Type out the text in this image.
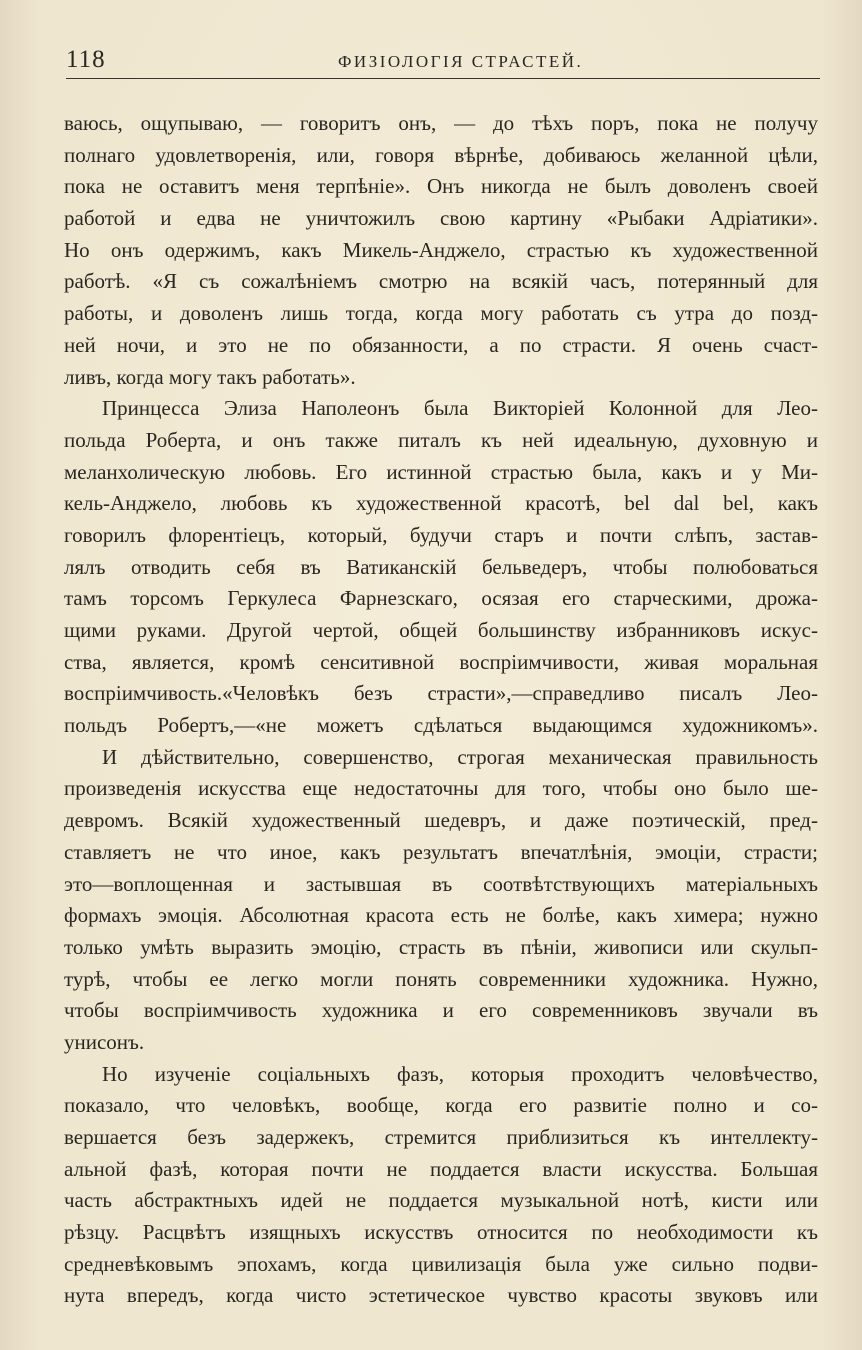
118	ФИЗІОЛОГІЯ СТРАСТЕЙ.
ваюсь, ощупываю, — говоритъ онъ, — до тѣхъ поръ, пока не получу
полнаго удовлетворенія, или, говоря вѣрнѣе, добиваюсь желанной цѣли,
пока не оставитъ меня терпѣніе». Онъ никогда не былъ доволенъ своей
работой и едва не уничтожилъ свою картину «Рыбаки Адріатики».
Но онъ одержимъ, какъ Микель-Анджело, страстью къ художественной
работѣ. «Я съ сожалѣніемъ смотрю на всякій часъ, потерянный для
работы, и доволенъ лишь тогда, когда могу работать съ утра до позд-
ней ночи, и это не по обязанности, а по страсти. Я очень счаст-
ливъ, когда могу такъ работать».
Принцесса Элиза Наполеонъ была Викторіей Колонной для Лео-
польда Роберта, и онъ также питалъ къ ней идеальную, духовную и
меланхолическую любовь. Его истинной страстью была, какъ и у Ми-
кель-Анджело, любовь къ художественной красотѣ, bel dal bel, какъ
говорилъ флорентіецъ, который, будучи старъ и почти слѣпъ, застав-
лялъ отводить себя въ Ватиканскій бельведеръ, чтобы полюбоваться
тамъ торсомъ Геркулеса Фарнезскаго, осязая его старческими, дрожа-
щими руками. Другой чертой, общей большинству избранниковъ искус-
ства, является, кромѣ сенситивной воспріимчивости, живая моральная
воспріимчивость.«Человѣкъ безъ страсти»,—справедливо писалъ Лео-
польдъ Робертъ,—«не можетъ сдѣлаться выдающимся художникомъ».
И дѣйствительно, совершенство, строгая механическая правильность
произведенія искусства еще недостаточны для того, чтобы оно было ше-
девромъ. Всякій художественный шедевръ, и даже поэтическій, пред-
ставляетъ не что иное, какъ результатъ впечатлѣнія, эмоціи, страсти;
это—воплощенная и застывшая въ соотвѣтствующихъ матеріальныхъ
формахъ эмоція. Абсолютная красота есть не болѣе, какъ химера; нужно
только умѣть выразить эмоцію, страсть въ пѣніи, живописи или скульп-
турѣ, чтобы ее легко могли понять современники художника. Нужно,
чтобы воспріимчивость художника и его современниковъ звучали въ
унисонъ.
Но изученіе соціальныхъ фазъ, которыя проходитъ человѣчество,
показало, что человѣкъ, вообще, когда его развитіе полно и со-
вершается безъ задержекъ, стремится приблизиться къ интеллекту-
альной фазѣ, которая почти не поддается власти искусства. Большая
часть абстрактныхъ идей не поддается музыкальной нотѣ, кисти или
рѣзцу. Расцвѣтъ изящныхъ искусствъ относится по необходимости къ
средневѣковымъ эпохамъ, когда цивилизація была уже сильно подви-
нута впередъ, когда чисто эстетическое чувство красоты звуковъ или
